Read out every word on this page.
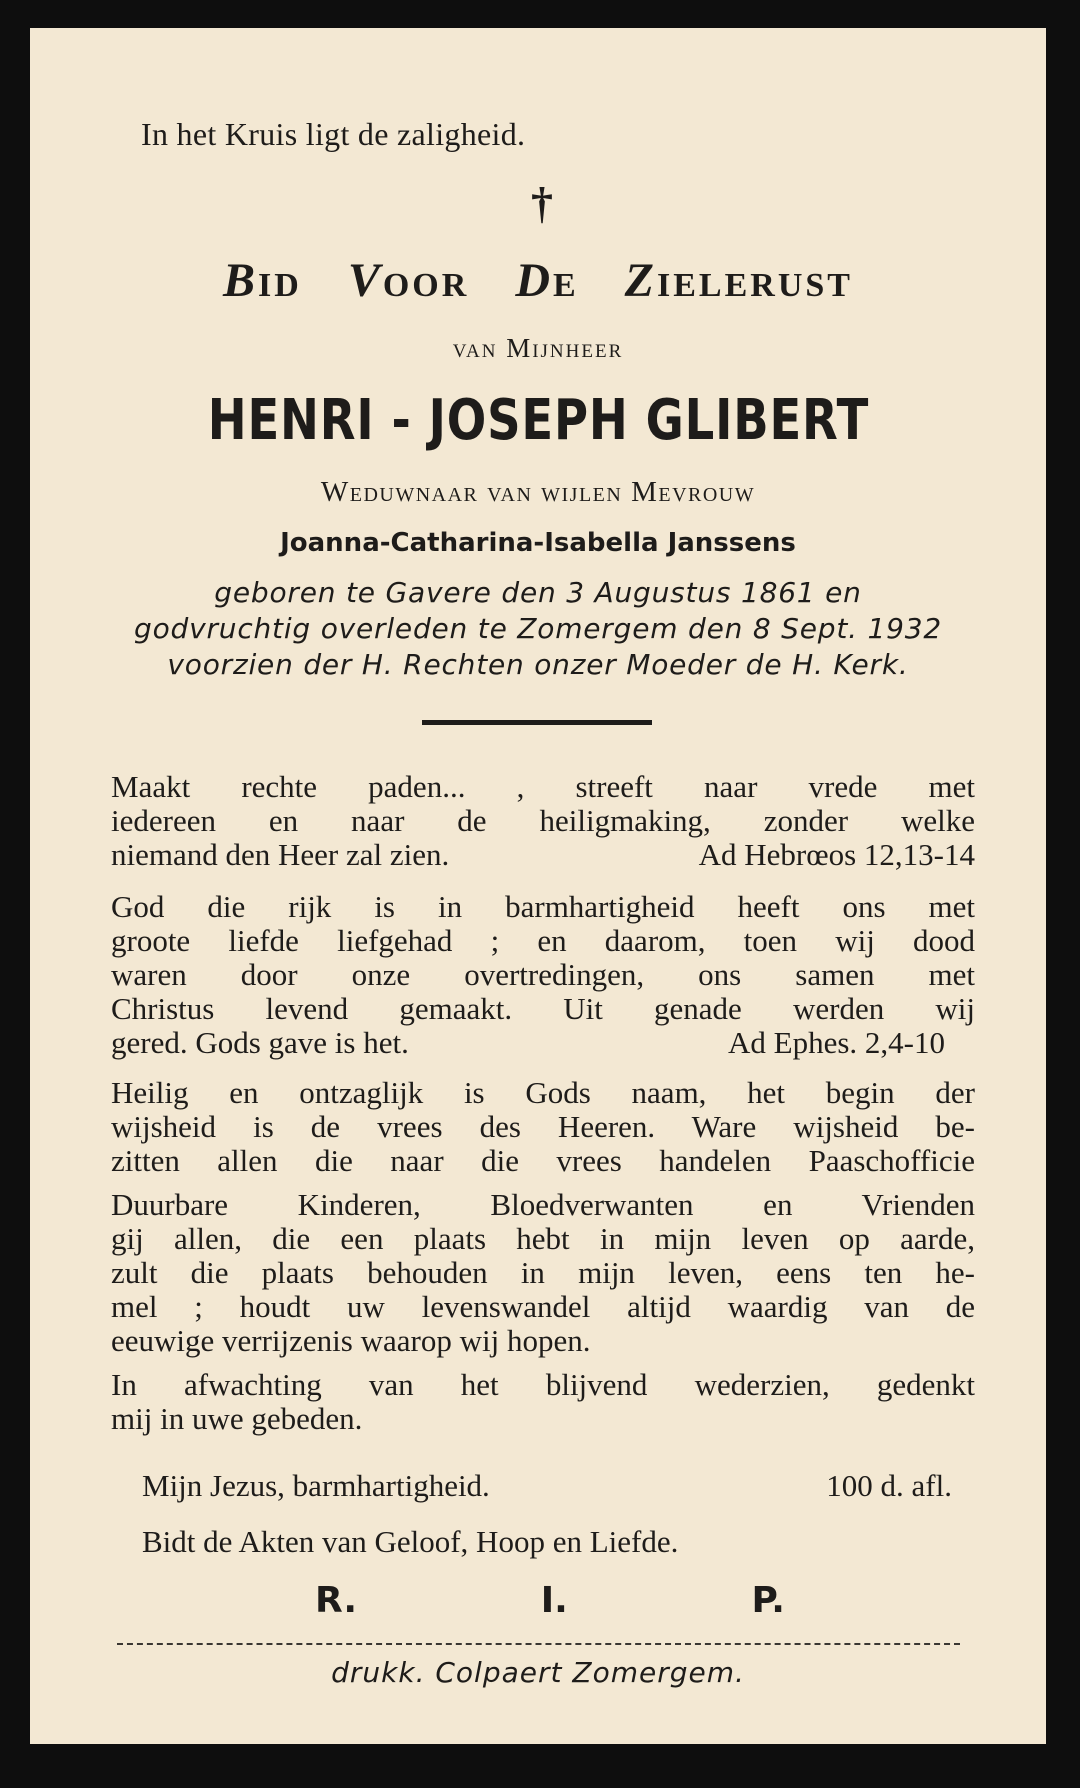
In het Kruis ligt de zaligheid.
†
BID VOOR DE ZIELERUST
van Mijnheer
HENRI - JOSEPH GLIBERT
Weduwnaar van wijlen Mevrouw
Joanna-Catharina-Isabella Janssens
geboren te Gavere den 3 Augustus 1861 en
godvruchtig overleden te Zomergem den 8 Sept. 1932
voorzien der H. Rechten onzer Moeder de H. Kerk.
Maakt rechte paden... , streeft naar vrede met
iedereen en naar de heiligmaking, zonder welke
niemand den Heer zal zien.	Ad Hebrœos 12,13-14
God die rijk is in barmhartigheid heeft ons met
groote liefde liefgehad ; en daarom, toen wij dood
waren door onze overtredingen, ons samen met
Christus levend gemaakt. Uit genade werden wij
gered. Gods gave is het.	Ad Ephes. 2,4-10
Heilig en ontzaglijk is Gods naam, het begin der
wijsheid is de vrees des Heeren. Ware wijsheid be-
zitten allen die naar die vrees handelen Paaschofficie
Duurbare Kinderen, Bloedverwanten en Vrienden
gij allen, die een plaats hebt in mijn leven op aarde,
zult die plaats behouden in mijn leven, eens ten he-
mel ; houdt uw levenswandel altijd waardig van de
eeuwige verrijzenis waarop wij hopen.
In afwachting van het blijvend wederzien, gedenkt
mij in uwe gebeden.
Mijn Jezus, barmhartigheid.	100 d. afl.
Bidt de Akten van Geloof, Hoop en Liefde.
R.	I.	P.
drukk. Colpaert Zomergem.
